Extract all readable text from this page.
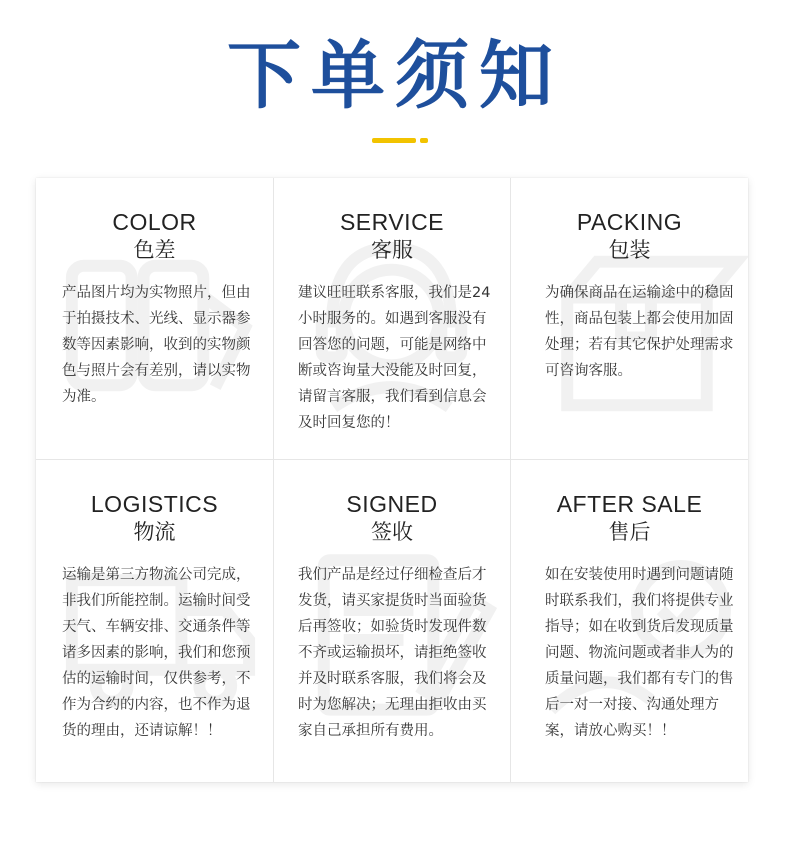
下单须知
COLOR
色差
产品图片均为实物照片，但由于拍摄技术、光线、显示器参数等因素影响，收到的实物颜色与照片会有差别，请以实物为准。
SERVICE
客服
建议旺旺联系客服，我们是24小时服务的。如遇到客服没有回答您的问题，可能是网络中断或咨询量大没能及时回复，请留言客服，我们看到信息会及时回复您的！
PACKING
包装
为确保商品在运输途中的稳固性，商品包装上都会使用加固处理；若有其它保护处理需求可咨询客服。
LOGISTICS
物流
运输是第三方物流公司完成，非我们所能控制。运输时间受天气、车辆安排、交通条件等诸多因素的影响，我们和您预估的运输时间，仅供参考，不作为合约的内容，也不作为退货的理由，还请谅解！！
SIGNED
签收
我们产品是经过仔细检查后才发货，请买家提货时当面验货后再签收；如验货时发现件数不齐或运输损坏，请拒绝签收并及时联系客服，我们将会及时为您解决；无理由拒收由买家自己承担所有费用。
AFTER SALE
售后
如在安装使用时遇到问题请随时联系我们，我们将提供专业指导；如在收到货后发现质量问题、物流问题或者非人为的质量问题，我们都有专门的售后一对一对接、沟通处理方案，请放心购买！！
